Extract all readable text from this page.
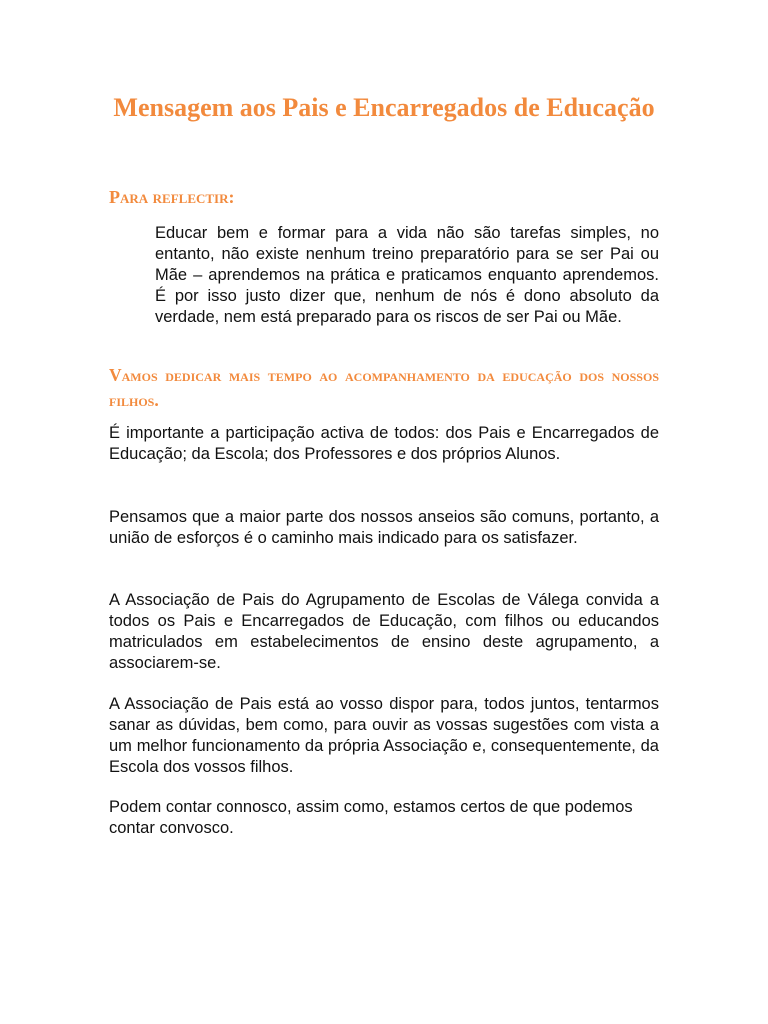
Mensagem aos Pais e Encarregados de Educação
Para reflectir:

Educar bem e formar para a vida não são tarefas simples, no entanto, não existe nenhum treino preparatório para se ser Pai ou Mãe – aprendemos na prática e praticamos enquanto aprendemos. É por isso justo dizer que, nenhum de nós é dono absoluto da verdade, nem está preparado para os riscos de ser Pai ou Mãe.

Vamos dedicar mais tempo ao acompanhamento da educação dos nossos filhos.

É importante a participação activa de todos: dos Pais e Encarregados de Educação; da Escola; dos Professores e dos próprios Alunos.

Pensamos que a maior parte dos nossos anseios são comuns, portanto, a união de esforços é o caminho mais indicado para os satisfazer.

A Associação de Pais do Agrupamento de Escolas de Válega convida a todos os Pais e Encarregados de Educação, com filhos ou educandos matriculados em estabelecimentos de ensino deste agrupamento, a associarem-se.

A Associação de Pais está ao vosso dispor para, todos juntos, tentarmos sanar as dúvidas, bem como, para ouvir as vossas sugestões com vista a um melhor funcionamento da própria Associação e, consequentemente, da Escola dos vossos filhos.

Podem contar connosco, assim como, estamos certos de que podemos contar convosco.
